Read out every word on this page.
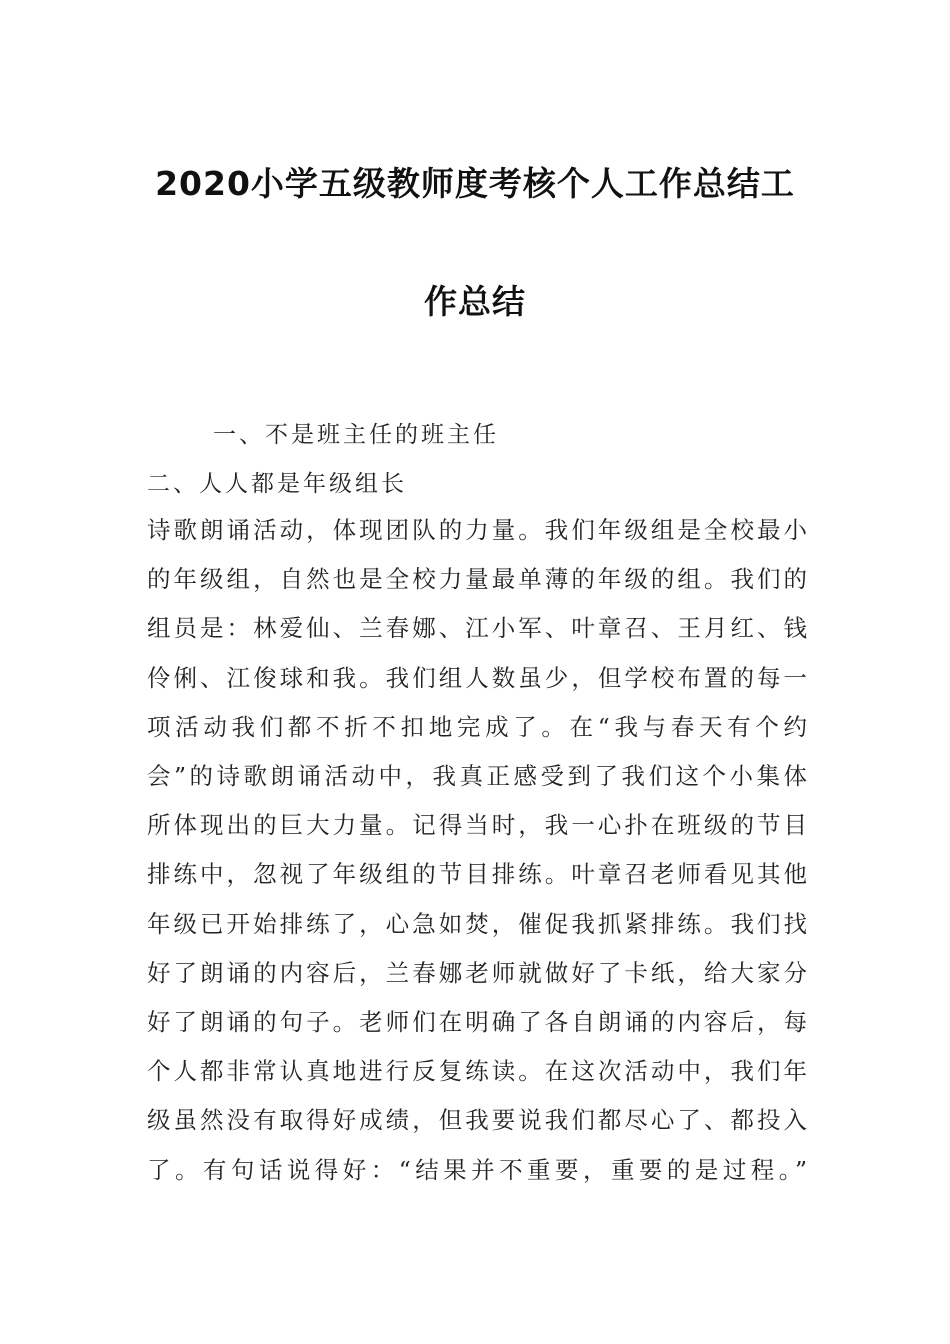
2020小学五级教师度考核个人工作总结工
作总结
一、不是班主任的班主任
二、人人都是年级组长
诗歌朗诵活动，体现团队的力量。我们年级组是全校最小
的年级组，自然也是全校力量最单薄的年级的组。我们的
组员是：林爱仙、兰春娜、江小军、叶章召、王月红、钱
伶俐、江俊球和我。我们组人数虽少，但学校布置的每一
项活动我们都不折不扣地完成了。在“我与春天有个约
会”的诗歌朗诵活动中，我真正感受到了我们这个小集体
所体现出的巨大力量。记得当时，我一心扑在班级的节目
排练中，忽视了年级组的节目排练。叶章召老师看见其他
年级已开始排练了，心急如焚，催促我抓紧排练。我们找
好了朗诵的内容后，兰春娜老师就做好了卡纸，给大家分
好了朗诵的句子。老师们在明确了各自朗诵的内容后，每
个人都非常认真地进行反复练读。在这次活动中，我们年
级虽然没有取得好成绩，但我要说我们都尽心了、都投入
了。有句话说得好：“结果并不重要，重要的是过程。”
